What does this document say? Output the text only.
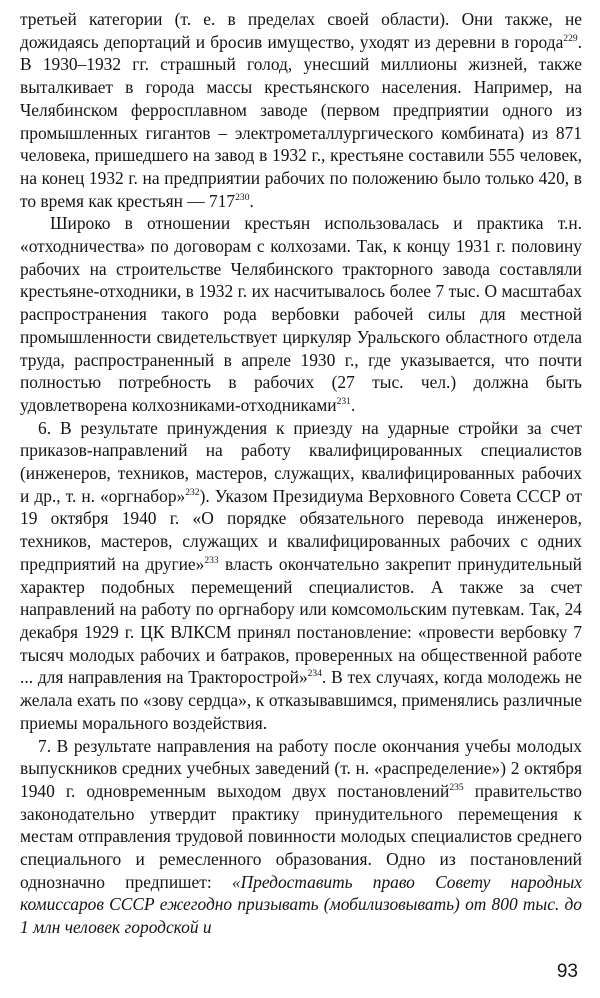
третьей категории (т. е. в пределах своей области). Они также, не дожидаясь депортаций и бросив имущество, уходят из деревни в города$^{229}$. В 1930–1932 гг. страшный голод, унесший миллионы жизней, также выталкивает в города массы крестьянского населения. Например, на Челябинском ферросплавном заводе (первом предприятии одного из промышленных гигантов – электрометаллургического комбината) из 871 человека, пришедшего на завод в 1932 г., крестьяне составили 555 человек, на конец 1932 г. на предприятии рабочих по положению было только 420, в то время как крестьян — 717$^{230}$.

Широко в отношении крестьян использовалась и практика т.н. «отходничества» по договорам с колхозами. Так, к концу 1931 г. половину рабочих на строительстве Челябинского тракторного завода составляли крестьяне-отходники, в 1932 г. их насчитывалось более 7 тыс. О масштабах распространения такого рода вербовки рабочей силы для местной промышленности свидетельствует циркуляр Уральского областного отдела труда, распространенный в апреле 1930 г., где указывается, что почти полностью потребность в рабочих (27 тыс. чел.) должна быть удовлетворена колхозниками-отходниками$^{231}$.

6. В результате принуждения к приезду на ударные стройки за счет приказов-направлений на работу квалифицированных специалистов (инженеров, техников, мастеров, служащих, квалифицированных рабочих и др., т. н. «оргнабор»$^{232}$). Указом Президиума Верховного Совета СССР от 19 октября 1940 г. «О порядке обязательного перевода инженеров, техников, мастеров, служащих и квалифицированных рабочих с одних предприятий на другие»$^{233}$ власть окончательно закрепит принудительный характер подобных перемещений специалистов. А также за счет направлений на работу по оргнабору или комсомольским путевкам. Так, 24 декабря 1929 г. ЦК ВЛКСМ принял постановление: «провести вербовку 7 тысяч молодых рабочих и батраков, проверенных на общественной работе ... для направления на Тракторострой»$^{234}$. В тех случаях, когда молодежь не желала ехать по «зову сердца», к отказывавшимся, применялись различные приемы морального воздействия.

7. В результате направления на работу после окончания учебы молодых выпускников средних учебных заведений (т. н. «распределение») 2 октября 1940 г. одновременным выходом двух постановлений$^{235}$ правительство законодательно утвердит практику принудительного перемещения к местам отправления трудовой повинности молодых специалистов среднего специального и ремесленного образования. Одно из постановлений однозначно предпишет: «Предоставить право Совету народных комиссаров СССР ежегодно призывать (мобилизовывать) от 800 тыс. до 1 млн человек городской и

93
